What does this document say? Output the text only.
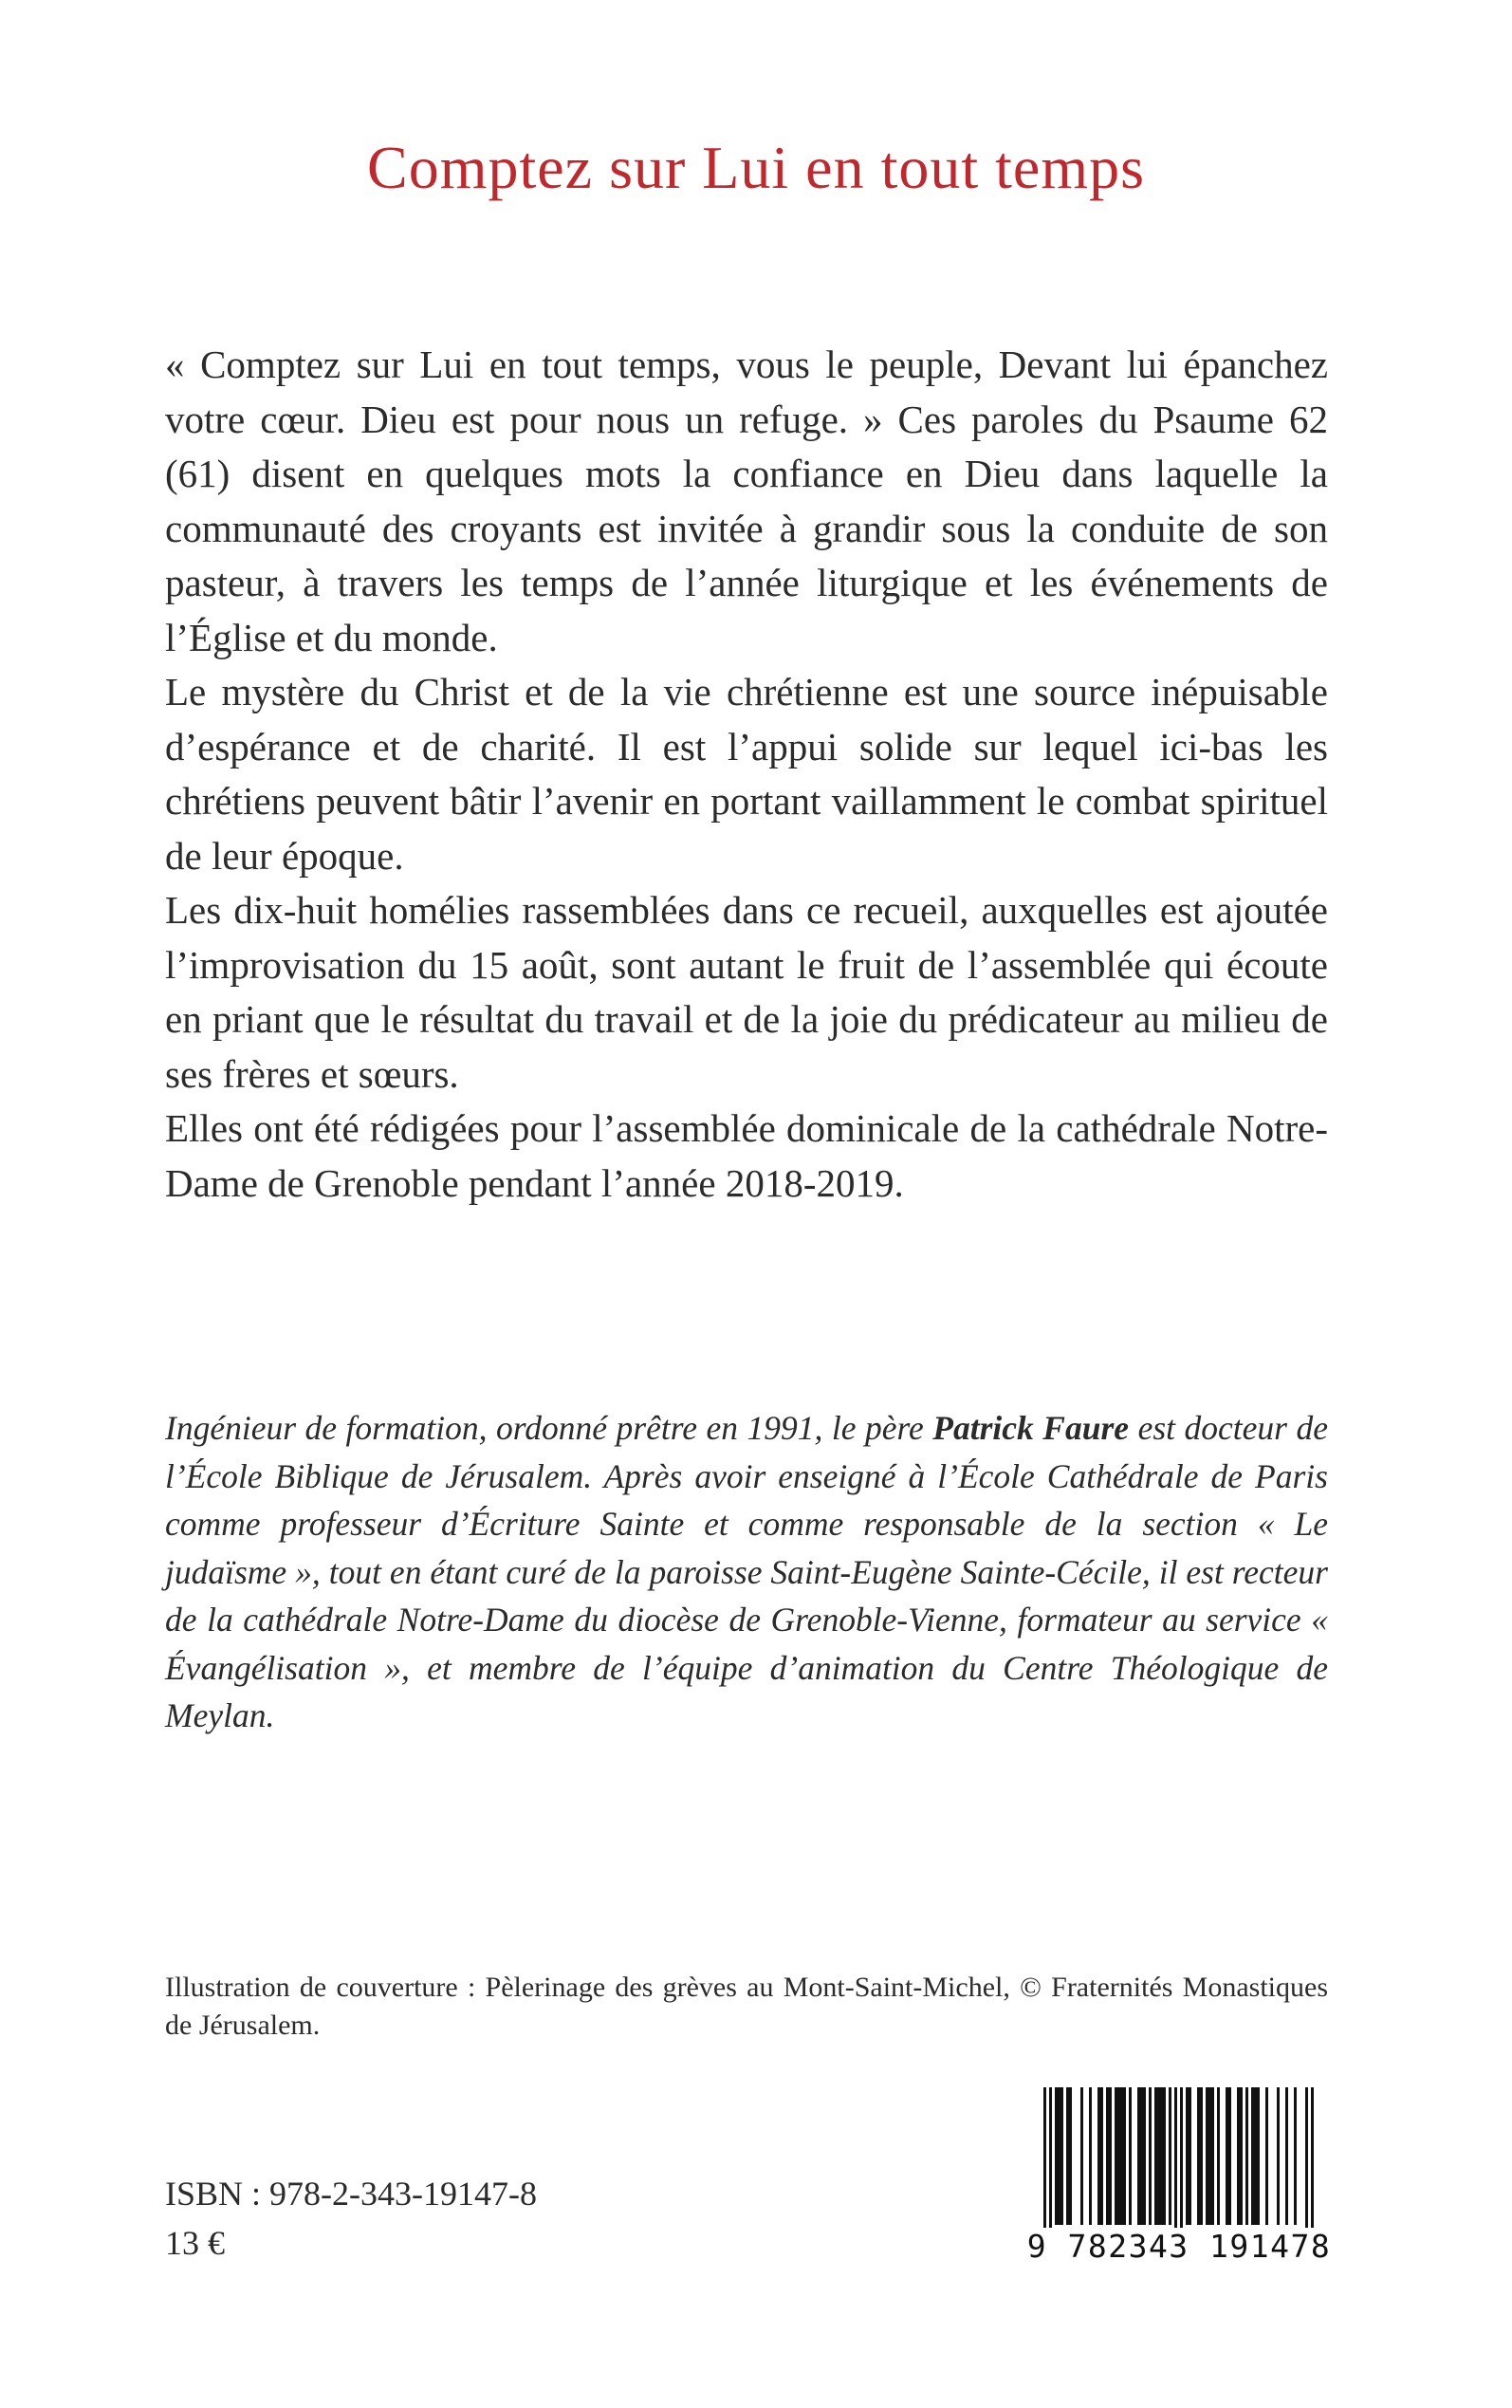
Comptez sur Lui en tout temps

« Comptez sur Lui en tout temps, vous le peuple, Devant lui épanchez votre cœur. Dieu est pour nous un refuge. » Ces paroles du Psaume 62 (61) disent en quelques mots la confiance en Dieu dans laquelle la communauté des croyants est invitée à grandir sous la conduite de son pasteur, à travers les temps de l’année liturgique et les événements de l’Église et du monde.

Le mystère du Christ et de la vie chrétienne est une source inépuisable d’espérance et de charité. Il est l’appui solide sur lequel ici-bas les chrétiens peuvent bâtir l’avenir en portant vaillamment le combat spirituel de leur époque.

Les dix-huit homélies rassemblées dans ce recueil, auxquelles est ajoutée l’improvisation du 15 août, sont autant le fruit de l’assemblée qui écoute en priant que le résultat du travail et de la joie du prédicateur au milieu de ses frères et sœurs.

Elles ont été rédigées pour l’assemblée dominicale de la cathédrale Notre-Dame de Grenoble pendant l’année 2018-2019.

Ingénieur de formation, ordonné prêtre en 1991, le père Patrick Faure est docteur de l’École Biblique de Jérusalem. Après avoir enseigné à l’École Cathédrale de Paris comme professeur d’Écriture Sainte et comme responsable de la section « Le judaïsme », tout en étant curé de la paroisse Saint-Eugène Sainte-Cécile, il est recteur de la cathédrale Notre-Dame du diocèse de Grenoble-Vienne, formateur au service « Évangélisation », et membre de l’équipe d’animation du Centre Théologique de Meylan.

Illustration de couverture : Pèlerinage des grèves au Mont-Saint-Michel, © Fraternités Monastiques de Jérusalem.

ISBN : 978-2-343-19147-8

13 €	9 782343 191478
